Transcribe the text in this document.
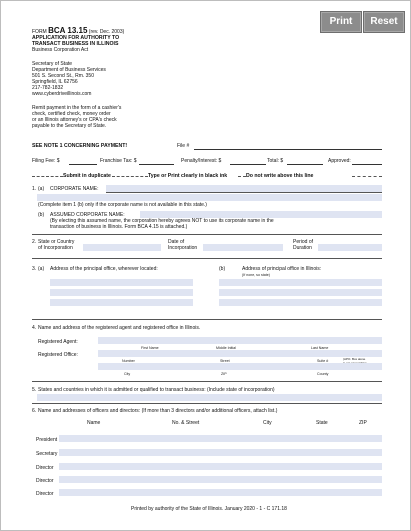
Print	Reset
FORM BCA 13.15 (rev. Dec. 2003)
APPLICATION FOR AUTHORITY TO
TRANSACT BUSINESS IN ILLINOIS
Business Corporation Act
Secretary of State
Department of Business Services
501 S. Second St., Rm. 350
Springfield, IL 62756
217-782-1832
www.cyberdriveillinois.com
Remit payment in the form of a cashier's
check, certified check, money order
or an Illinois attorney's or CPA's check
payable to the Secretary of State.
SEE NOTE 1 CONCERNING PAYMENT!	File #
Filing Fee: $	Franchise Tax: $	Penalty/Interest: $	Total: $	Approved:
Submit in duplicate	Type or Print clearly in black ink	Do not write above this line
1. (a) CORPORATE NAME:
(Complete item 1 (b) only if the corporate name is not available in this state.)
(b) ASSUMED CORPORATE NAME:
(By electing this assumed name, the corporation hereby agrees NOT to use its corporate name in the
transaction of business in Illinois. Form BCA 4.15 is attached.)
2. State or Country
of Incorporation
Date of
Incorporation
Period of
Duration
3. (a) Address of the principal office, wherever located:	(b)	Address of principal office in Illinois:
(If none, so state)
4. Name and address of the registered agent and registered office in Illinois.
Registered Agent:
First Name	Middle Initial	Last Name
Registered Office:
Number	Street	Suite #	(APO. Box alone
City	ZIP	County
5. States and countries in which it is admitted or qualified to transact business: (Include state of incorporation)
6. Name and addresses of officers and directors: (If more than 3 directors and/or additional officers, attach list.)
Name	No. & Street	City	State	ZIP
President
Secretary
Director
Director
Director
Printed by authority of the State of Illinois. January 2020 - 1 - C 171.18
